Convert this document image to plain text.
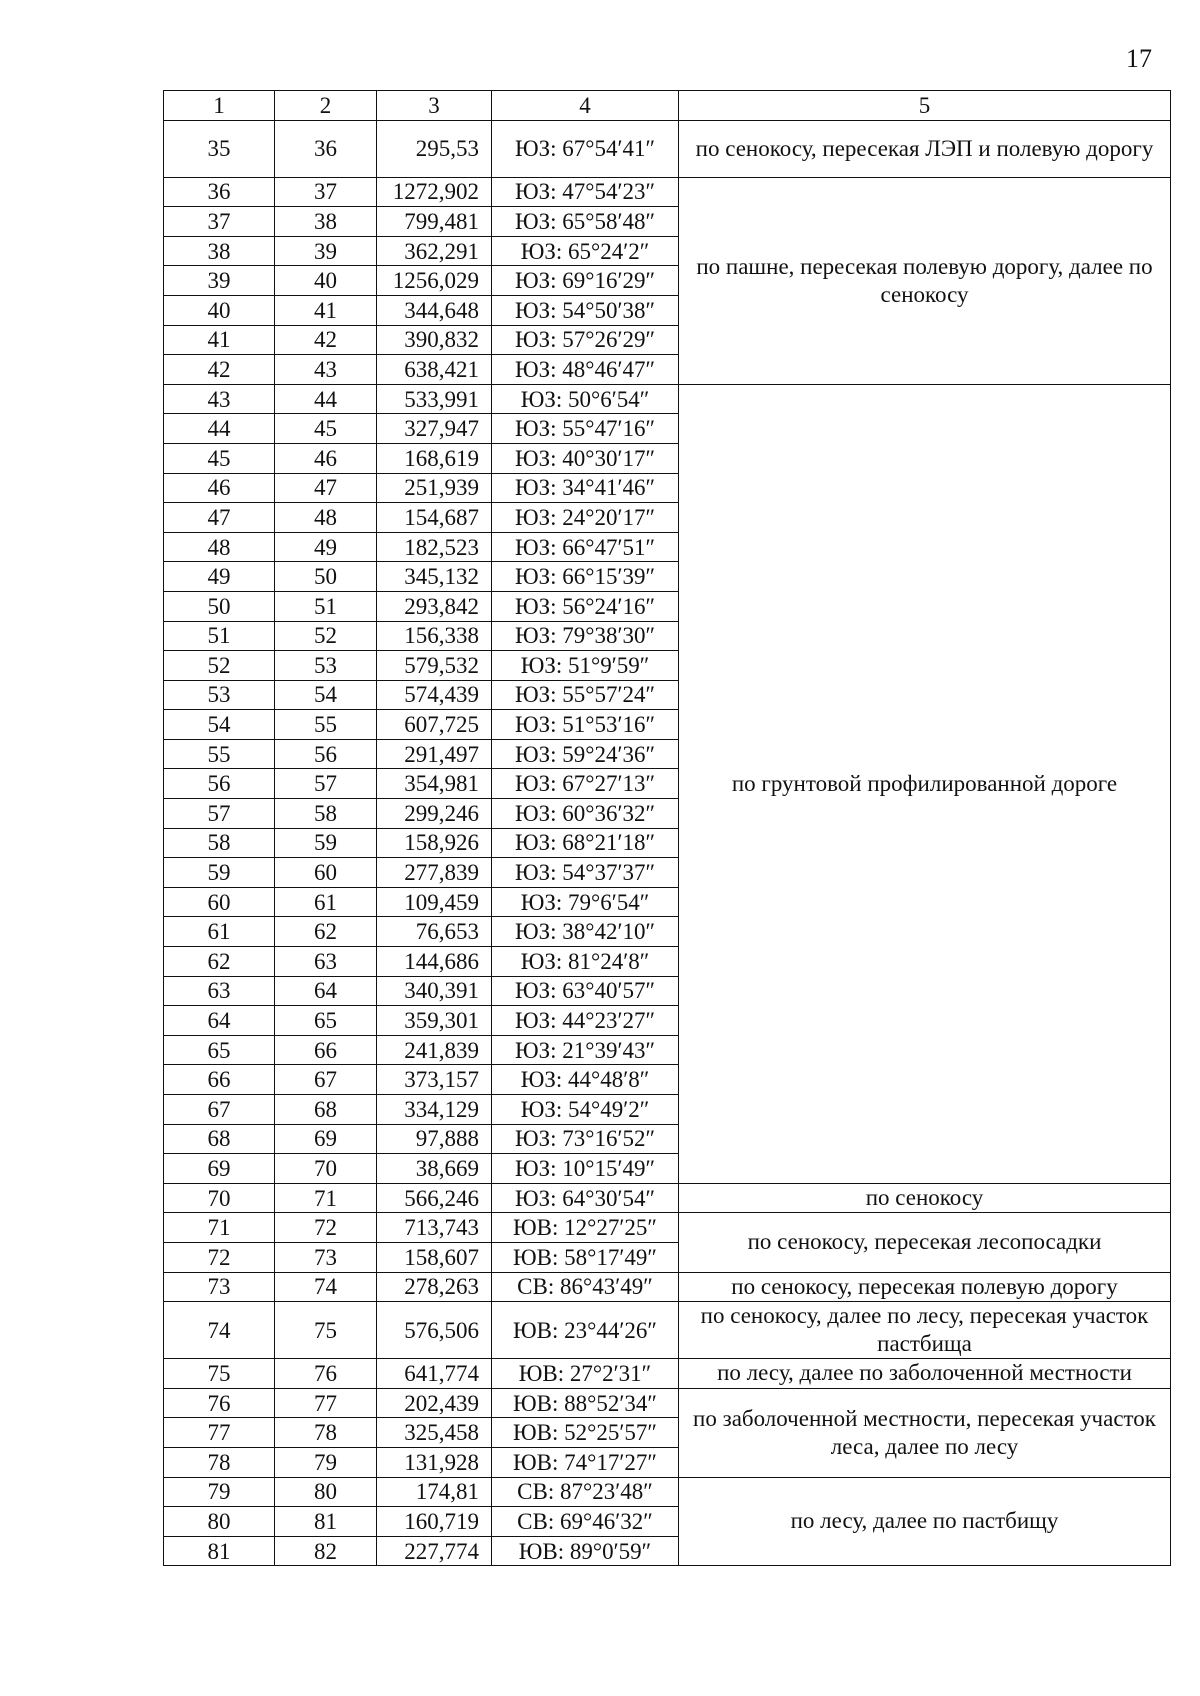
17
1	2	3	4	5
35	36	295,53	ЮЗ: 67°54′41″	по сенокосу, пересекая ЛЭП и полевую дорогу
36	37	1272,902	ЮЗ: 47°54′23″	по пашне, пересекая полевую дорогу, далее по сенокосу
37	38	799,481	ЮЗ: 65°58′48″	
38	39	362,291	ЮЗ: 65°24′2″	
39	40	1256,029	ЮЗ: 69°16′29″	
40	41	344,648	ЮЗ: 54°50′38″	
41	42	390,832	ЮЗ: 57°26′29″	
42	43	638,421	ЮЗ: 48°46′47″	
43	44	533,991	ЮЗ: 50°6′54″	по грунтовой профилированной дороге
44	45	327,947	ЮЗ: 55°47′16″	
45	46	168,619	ЮЗ: 40°30′17″	
46	47	251,939	ЮЗ: 34°41′46″	
47	48	154,687	ЮЗ: 24°20′17″	
48	49	182,523	ЮЗ: 66°47′51″	
49	50	345,132	ЮЗ: 66°15′39″	
50	51	293,842	ЮЗ: 56°24′16″	
51	52	156,338	ЮЗ: 79°38′30″	
52	53	579,532	ЮЗ: 51°9′59″	
53	54	574,439	ЮЗ: 55°57′24″	
54	55	607,725	ЮЗ: 51°53′16″	
55	56	291,497	ЮЗ: 59°24′36″	
56	57	354,981	ЮЗ: 67°27′13″	
57	58	299,246	ЮЗ: 60°36′32″	
58	59	158,926	ЮЗ: 68°21′18″	
59	60	277,839	ЮЗ: 54°37′37″	
60	61	109,459	ЮЗ: 79°6′54″	
61	62	76,653	ЮЗ: 38°42′10″	
62	63	144,686	ЮЗ: 81°24′8″	
63	64	340,391	ЮЗ: 63°40′57″	
64	65	359,301	ЮЗ: 44°23′27″	
65	66	241,839	ЮЗ: 21°39′43″	
66	67	373,157	ЮЗ: 44°48′8″	
67	68	334,129	ЮЗ: 54°49′2″	
68	69	97,888	ЮЗ: 73°16′52″	
69	70	38,669	ЮЗ: 10°15′49″	
70	71	566,246	ЮЗ: 64°30′54″	по сенокосу
71	72	713,743	ЮВ: 12°27′25″	по сенокосу, пересекая лесопосадки
72	73	158,607	ЮВ: 58°17′49″	
73	74	278,263	СВ: 86°43′49″	по сенокосу, пересекая полевую дорогу
74	75	576,506	ЮВ: 23°44′26″	по сенокосу, далее по лесу, пересекая участок пастбища
75	76	641,774	ЮВ: 27°2′31″	по лесу, далее по заболоченной местности
76	77	202,439	ЮВ: 88°52′34″	по заболоченной местности, пересекая участок леса, далее по лесу
77	78	325,458	ЮВ: 52°25′57″	
78	79	131,928	ЮВ: 74°17′27″	
79	80	174,81	СВ: 87°23′48″	по лесу, далее по пастбищу
80	81	160,719	СВ: 69°46′32″	
81	82	227,774	ЮВ: 89°0′59″	
